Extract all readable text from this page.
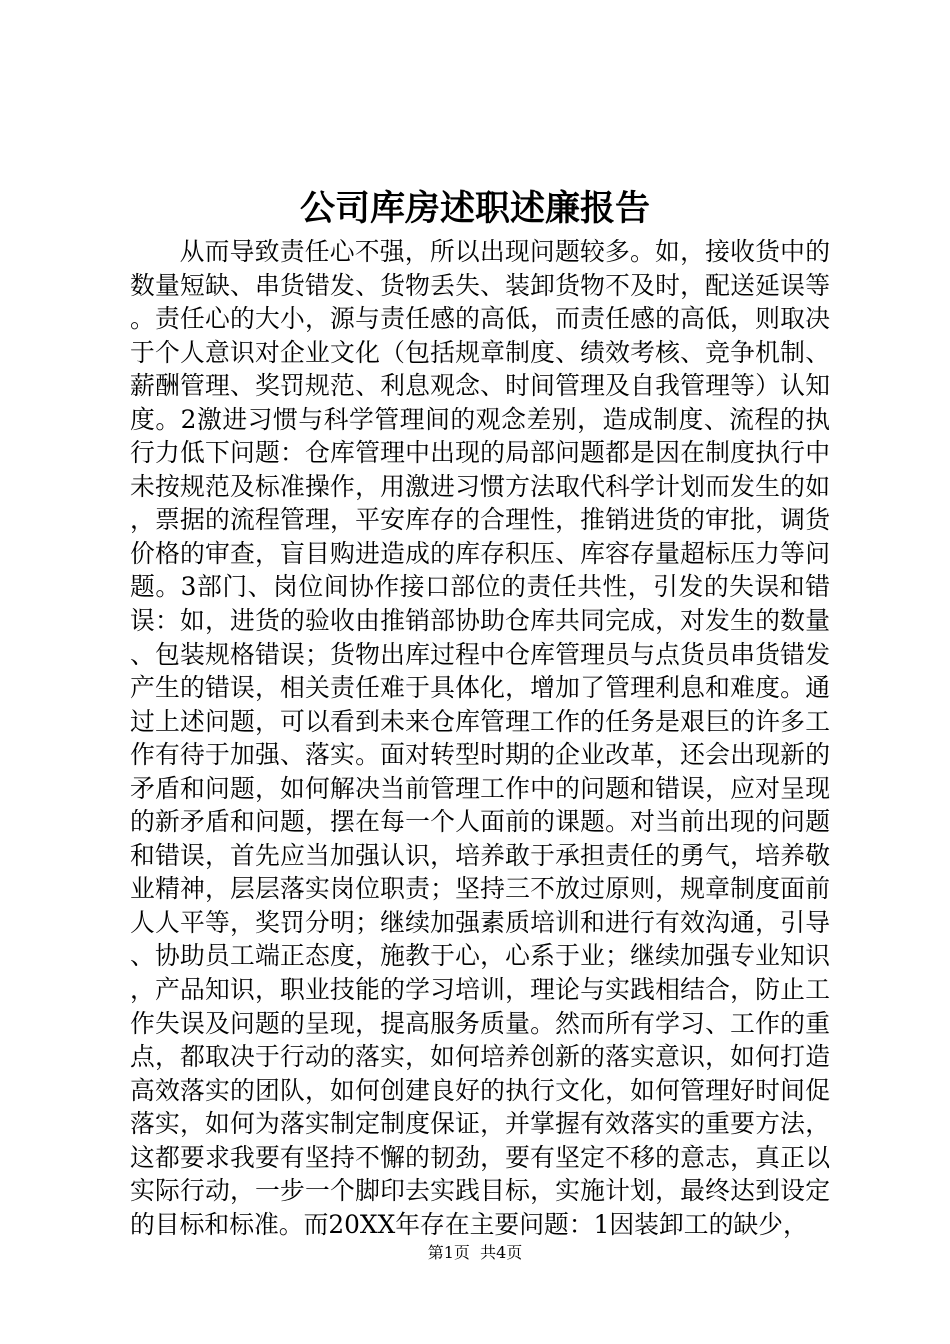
公司库房述职述廉报告

从而导致责任心不强，所以出现问题较多。如，接收货中的数量短缺、串货错发、货物丢失、装卸货物不及时，配送延误等。责任心的大小，源与责任感的高低，而责任感的高低，则取决于个人意识对企业文化（包括规章制度、绩效考核、竞争机制、薪酬管理、奖罚规范、利息观念、时间管理及自我管理等）认知度。2激进习惯与科学管理间的观念差别，造成制度、流程的执行力低下问题：仓库管理中出现的局部问题都是因在制度执行中未按规范及标准操作，用激进习惯方法取代科学计划而发生的如，票据的流程管理，平安库存的合理性，推销进货的审批，调货价格的审查，盲目购进造成的库存积压、库容存量超标压力等问题。3部门、岗位间协作接口部位的责任共性，引发的失误和错误：如，进货的验收由推销部协助仓库共同完成，对发生的数量、包装规格错误；货物出库过程中仓库管理员与点货员串货错发产生的错误，相关责任难于具体化，增加了管理利息和难度。通过上述问题，可以看到未来仓库管理工作的任务是艰巨的许多工作有待于加强、落实。面对转型时期的企业改革，还会出现新的矛盾和问题，如何解决当前管理工作中的问题和错误，应对呈现的新矛盾和问题，摆在每一个人面前的课题。对当前出现的问题和错误，首先应当加强认识，培养敢于承担责任的勇气，培养敬业精神，层层落实岗位职责；坚持三不放过原则，规章制度面前人人平等，奖罚分明；继续加强素质培训和进行有效沟通，引导、协助员工端正态度，施教于心，心系于业；继续加强专业知识，产品知识，职业技能的学习培训，理论与实践相结合，防止工作失误及问题的呈现，提高服务质量。然而所有学习、工作的重点，都取决于行动的落实，如何培养创新的落实意识，如何打造高效落实的团队，如何创建良好的执行文化，如何管理好时间促落实，如何为落实制定制度保证，并掌握有效落实的重要方法，这都要求我要有坚持不懈的韧劲，要有坚定不移的意志，真正以实际行动，一步一个脚印去实践目标，实施计划，最终达到设定的目标和标准。而20XX年存在主要问题：1因装卸工的缺少，

第1页 共4页
